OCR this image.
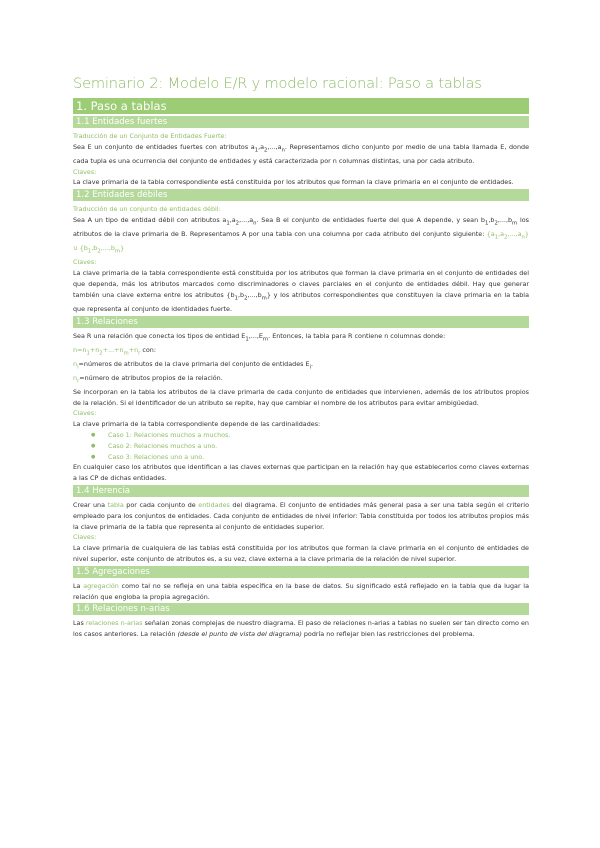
Seminario 2: Modelo E/R y modelo racional: Paso a tablas
1. Paso a tablas
1.1 Entidades fuertes
Traducción de un Conjunto de Entidades Fuerte:

Sea E un conjunto de entidades fuertes con atributos $a_1,a_2,...,a_n$. Representamos dicho conjunto por medio de una tabla llamada E, donde cada tupla es una ocurrencia del conjunto de entidades y está caracterizada por n columnas distintas, una por cada atributo.

Claves:

La clave primaria de la tabla correspondiente está constituida por los atributos que forman la clave primaria en el conjunto de entidades.

1.2 Entidades débiles
Traducción de un conjunto de entidades débil:

Sea A un tipo de entidad débil con atributos $a_1,a_2,...,a_n$. Sea B el conjunto de entidades fuerte del que A depende, y sean $b_1,b_2,...,b_m$ los atributos de la clave primaria de B. Representamos A por una tabla con una columna por cada atributo del conjunto siguiente: $\{a_1,a_2,...,a_n\}$ ∪ $\{b_1,b_2,...,b_m\}$

Claves:

La clave primaria de la tabla correspondiente está constituida por los atributos que forman la clave primaria en el conjunto de entidades del que dependa, más los atributos marcados como discriminadores o claves parciales en el conjunto de entidades débil. Hay que generar también una clave externa entre los atributos $\{b_1,b_2,...,b_m\}$ y los atributos correspondientes que constituyen la clave primaria en la tabla que representa al conjunto de identidades fuerte.

1.3 Relaciones

Sea R una relación que conecta los tipos de entidad $E_1,...,E_m$. Entonces, la tabla para R contiene n columnas donde:

$n=n_1+n_2+...+n_m+n_r$ con:

$n_i=números$ de atributos de la clave primaria del conjunto de entidades $E_i$.

$n_r=número$ de atributos propios de la relación.

Se incorporan en la tabla los atributos de la clave primaria de cada conjunto de entidades que intervienen, además de los atributos propios de la relación. Si el identificador de un atributo se repite, hay que cambiar el nombre de los atributos para evitar ambigüedad.

Claves:

La clave primaria de la tabla correspondiente depende de las cardinalidades:

● Caso 1: Relaciones muchos a muchos.
● Caso 2: Relaciones muchos a uno.
● Caso 3: Relaciones uno a uno.

En cualquier caso los atributos que identifican a las claves externas que participan en la relación hay que establecerlos como claves externas a las CP de dichas entidades.

1.4 Herencia

Crear una tabla por cada conjunto de entidades del diagrama. El conjunto de entidades más general pasa a ser una tabla según el criterio empleado para los conjuntos de entidades. Cada conjunto de entidades de nivel inferior: Tabla constituida por todos los atributos propios más la clave primaria de la tabla que representa al conjunto de entidades superior.

Claves:

La clave primaria de cualquiera de las tablas está constituida por los atributos que forman la clave primaria en el conjunto de entidades de nivel superior, este conjunto de atributos es, a su vez, clave externa a la clave primaria de la relación de nivel superior.

1.5 Agregaciones

La agregación como tal no se refleja en una tabla específica en la base de datos. Su significado está reflejado en la tabla que da lugar la relación que engloba la propia agregación.

1.6 Relaciones n-arias

Las relaciones n-arias señalan zonas complejas de nuestro diagrama. El paso de relaciones n-arias a tablas no suelen ser tan directo como en los casos anteriores. La relación (desde el punto de vista del diagrama) podría no reflejar bien las restricciones del problema.
